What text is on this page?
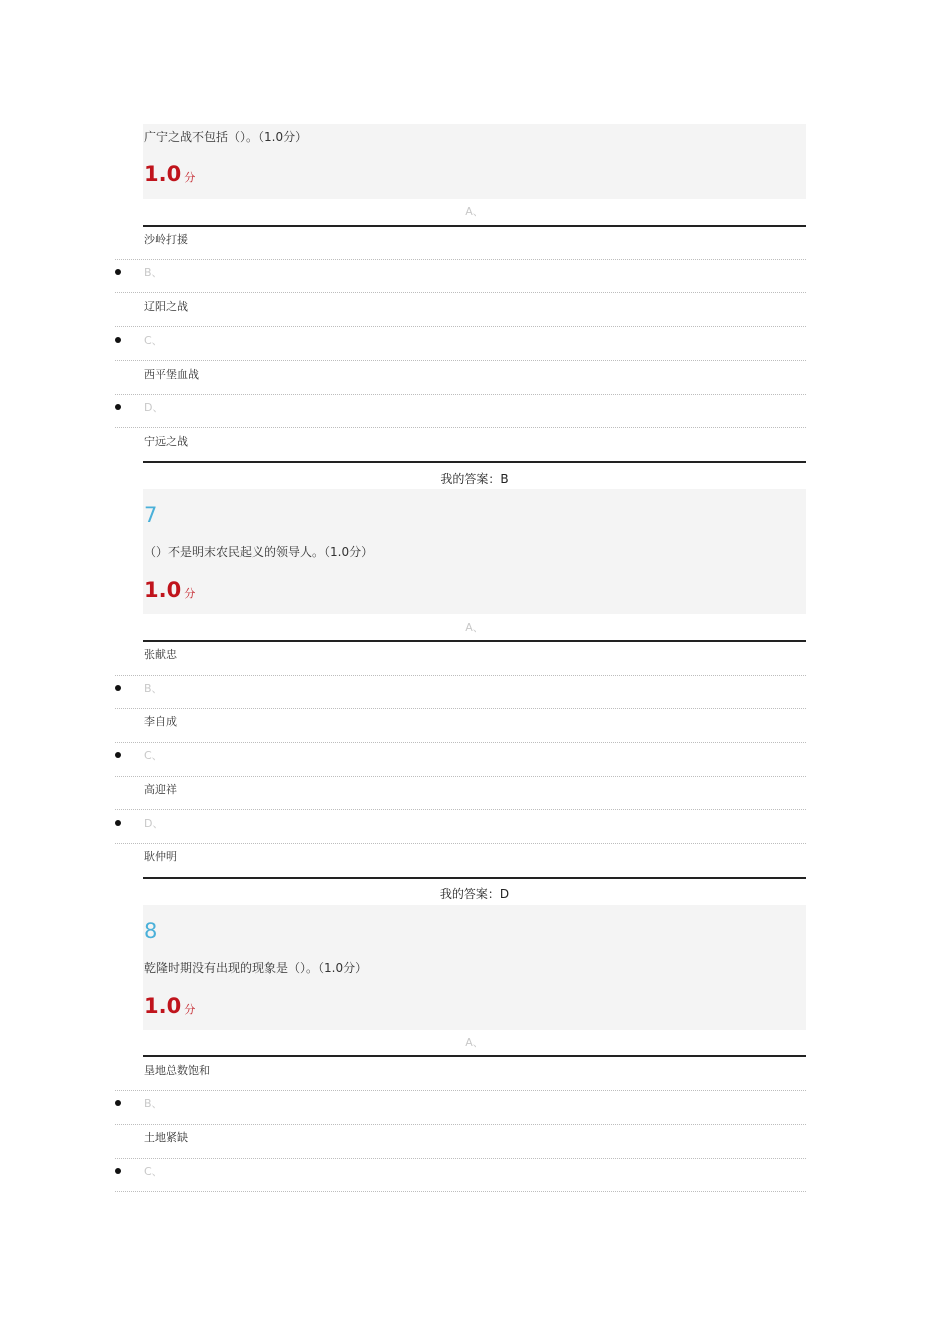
广宁之战不包括（）。（1.0分）
1.0 分
A、
沙岭打援
B、
辽阳之战
C、
西平堡血战
D、
宁远之战
我的答案：B
7
（）不是明末农民起义的领导人。（1.0分）
1.0 分
A、
张献忠
B、
李自成
C、
高迎祥
D、
耿仲明
我的答案：D
8
乾隆时期没有出现的现象是（）。（1.0分）
1.0 分
A、
垦地总数饱和
B、
土地紧缺
C、
